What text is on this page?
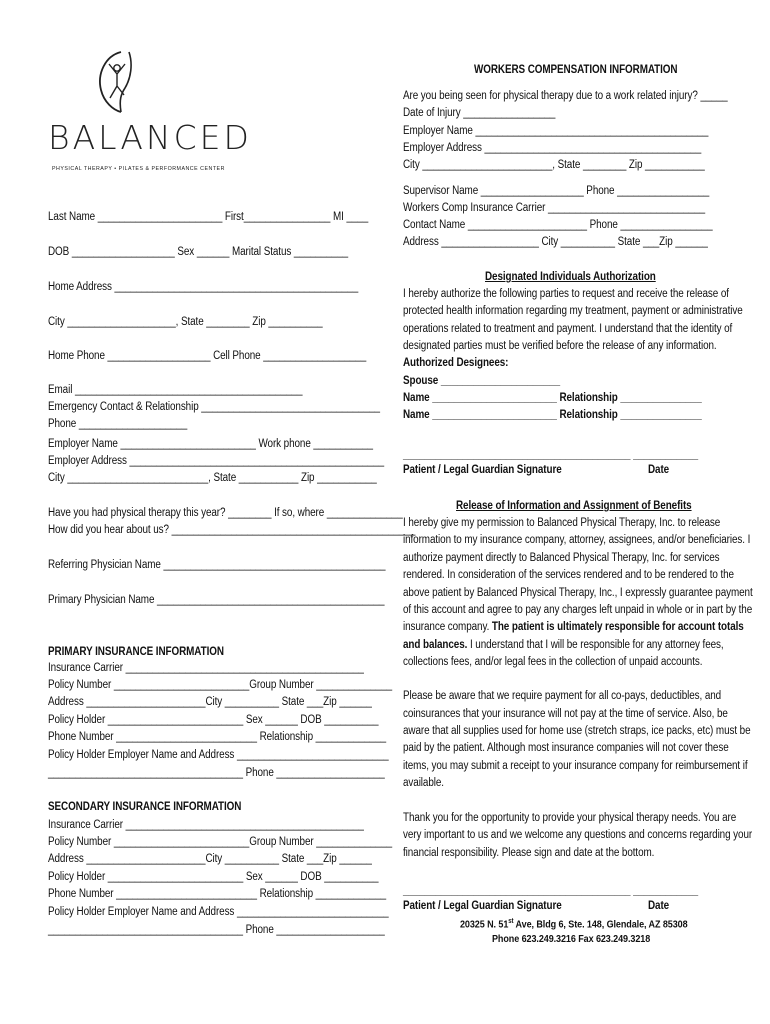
BALANCED
PHYSICAL THERAPY • PILATES & PERFORMANCE CENTER
Last Name _______________________ First________________ MI ____
DOB ___________________ Sex ______ Marital Status __________
Home Address _____________________________________________
City ____________________, State ________ Zip __________
Home Phone ___________________ Cell Phone ___________________
Email __________________________________________
Emergency Contact & Relationship _________________________________
Phone ____________________
Employer Name _________________________ Work phone ___________
Employer Address _______________________________________________
City __________________________, State ___________ Zip ___________
Have you had physical therapy this year? ________ If so, where ______________
How did you hear about us? _____________________________________________
Referring Physician Name _________________________________________
Primary Physician Name __________________________________________
PRIMARY INSURANCE INFORMATION
Insurance Carrier ____________________________________________
Policy Number _________________________Group Number ______________
Address ______________________City __________ State ___Zip ______
Policy Holder _________________________ Sex ______ DOB __________
Phone Number __________________________ Relationship _____________
Policy Holder Employer Name and Address ____________________________
____________________________________ Phone ____________________
SECONDARY INSURANCE INFORMATION
Insurance Carrier ____________________________________________
Policy Number _________________________Group Number ______________
Address ______________________City __________ State ___Zip ______
Policy Holder _________________________ Sex ______ DOB __________
Phone Number __________________________ Relationship _____________
Policy Holder Employer Name and Address ____________________________
____________________________________ Phone ____________________
WORKERS COMPENSATION INFORMATION
Are you being seen for physical therapy due to a work related injury? _____
Date of Injury _________________
Employer Name ___________________________________________
Employer Address ________________________________________
City ________________________, State ________ Zip ___________
Supervisor Name ___________________ Phone _________________
Workers Comp Insurance Carrier _____________________________
Contact Name ______________________ Phone _________________
Address __________________ City __________ State ___Zip ______
Designated Individuals Authorization
I hereby authorize the following parties to request and receive the release of
protected health information regarding my treatment, payment or administrative
operations related to treatment and payment. I understand that the identity of
designated parties must be verified before the release of any information.
Authorized Designees:
Spouse ______________________
Name _______________________ Relationship _______________
Name _______________________ Relationship _______________
__________________________________________ ____________
Patient / Legal Guardian Signature	Date
Release of Information and Assignment of Benefits
I hereby give my permission to Balanced Physical Therapy, Inc. to release
information to my insurance company, attorney, assignees, and/or beneficiaries. I
authorize payment directly to Balanced Physical Therapy, Inc. for services
rendered. In consideration of the services rendered and to be rendered to the
above patient by Balanced Physical Therapy, Inc., I expressly guarantee payment
of this account and agree to pay any charges left unpaid in whole or in part by the
insurance company. The patient is ultimately responsible for account totals
and balances. I understand that I will be responsible for any attorney fees,
collections fees, and/or legal fees in the collection of unpaid accounts.
Please be aware that we require payment for all co-pays, deductibles, and
coinsurances that your insurance will not pay at the time of service. Also, be
aware that all supplies used for home use (stretch straps, ice packs, etc) must be
paid by the patient. Although most insurance companies will not cover these
items, you may submit a receipt to your insurance company for reimbursement if
available.
Thank you for the opportunity to provide your physical therapy needs. You are
very important to us and we welcome any questions and concerns regarding your
financial responsibility. Please sign and date at the bottom.
__________________________________________ ____________
Patient / Legal Guardian Signature	Date
20325 N. 51st Ave, Bldg 6, Ste. 148, Glendale, AZ 85308
Phone 623.249.3216 Fax 623.249.3218
